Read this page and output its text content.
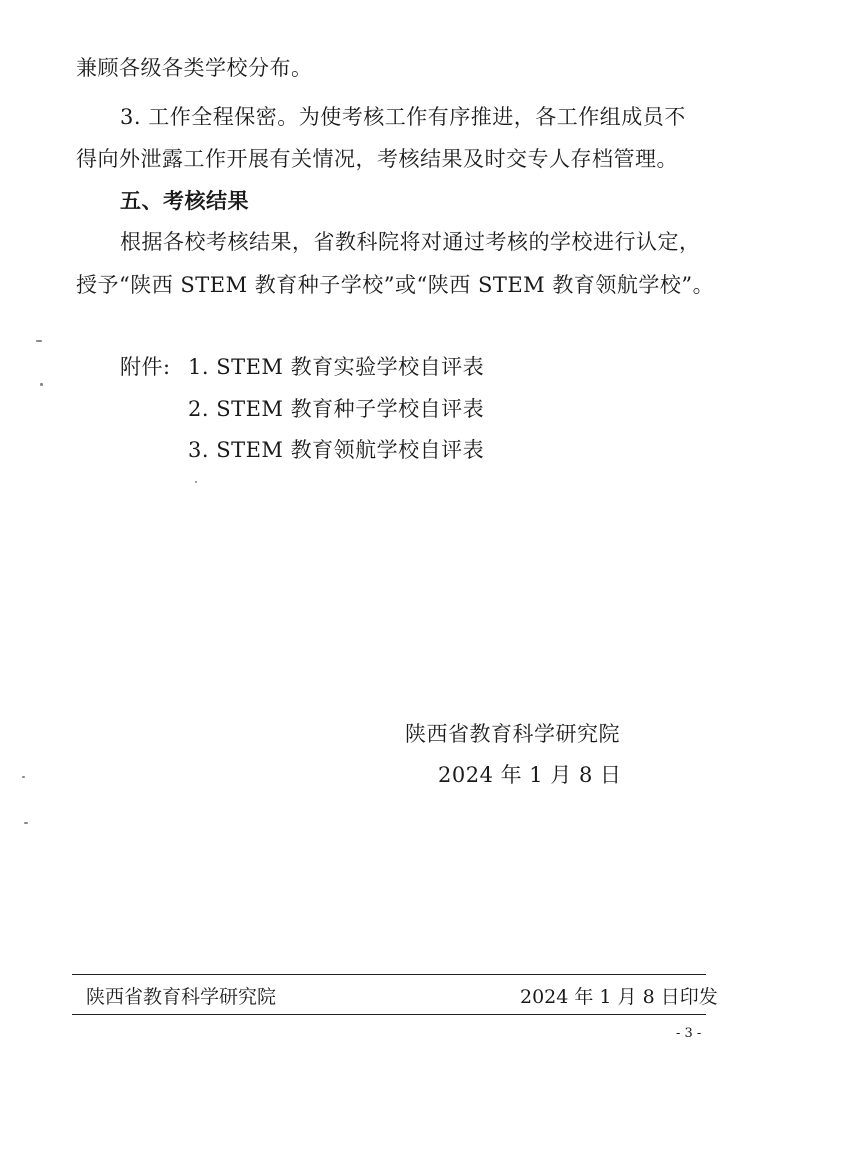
兼顾各级各类学校分布。
3. 工作全程保密。为使考核工作有序推进，各工作组成员不
得向外泄露工作开展有关情况，考核结果及时交专人存档管理。
五、考核结果
根据各校考核结果，省教科院将对通过考核的学校进行认定，
授予“陕西 STEM 教育种子学校”或“陕西 STEM 教育领航学校”。
附件: 1. STEM 教育实验学校自评表
2. STEM 教育种子学校自评表
3. STEM 教育领航学校自评表
陕西省教育科学研究院
2024 年 1 月 8 日
陕西省教育科学研究院	2024 年 1 月 8 日印发
- 3 -
